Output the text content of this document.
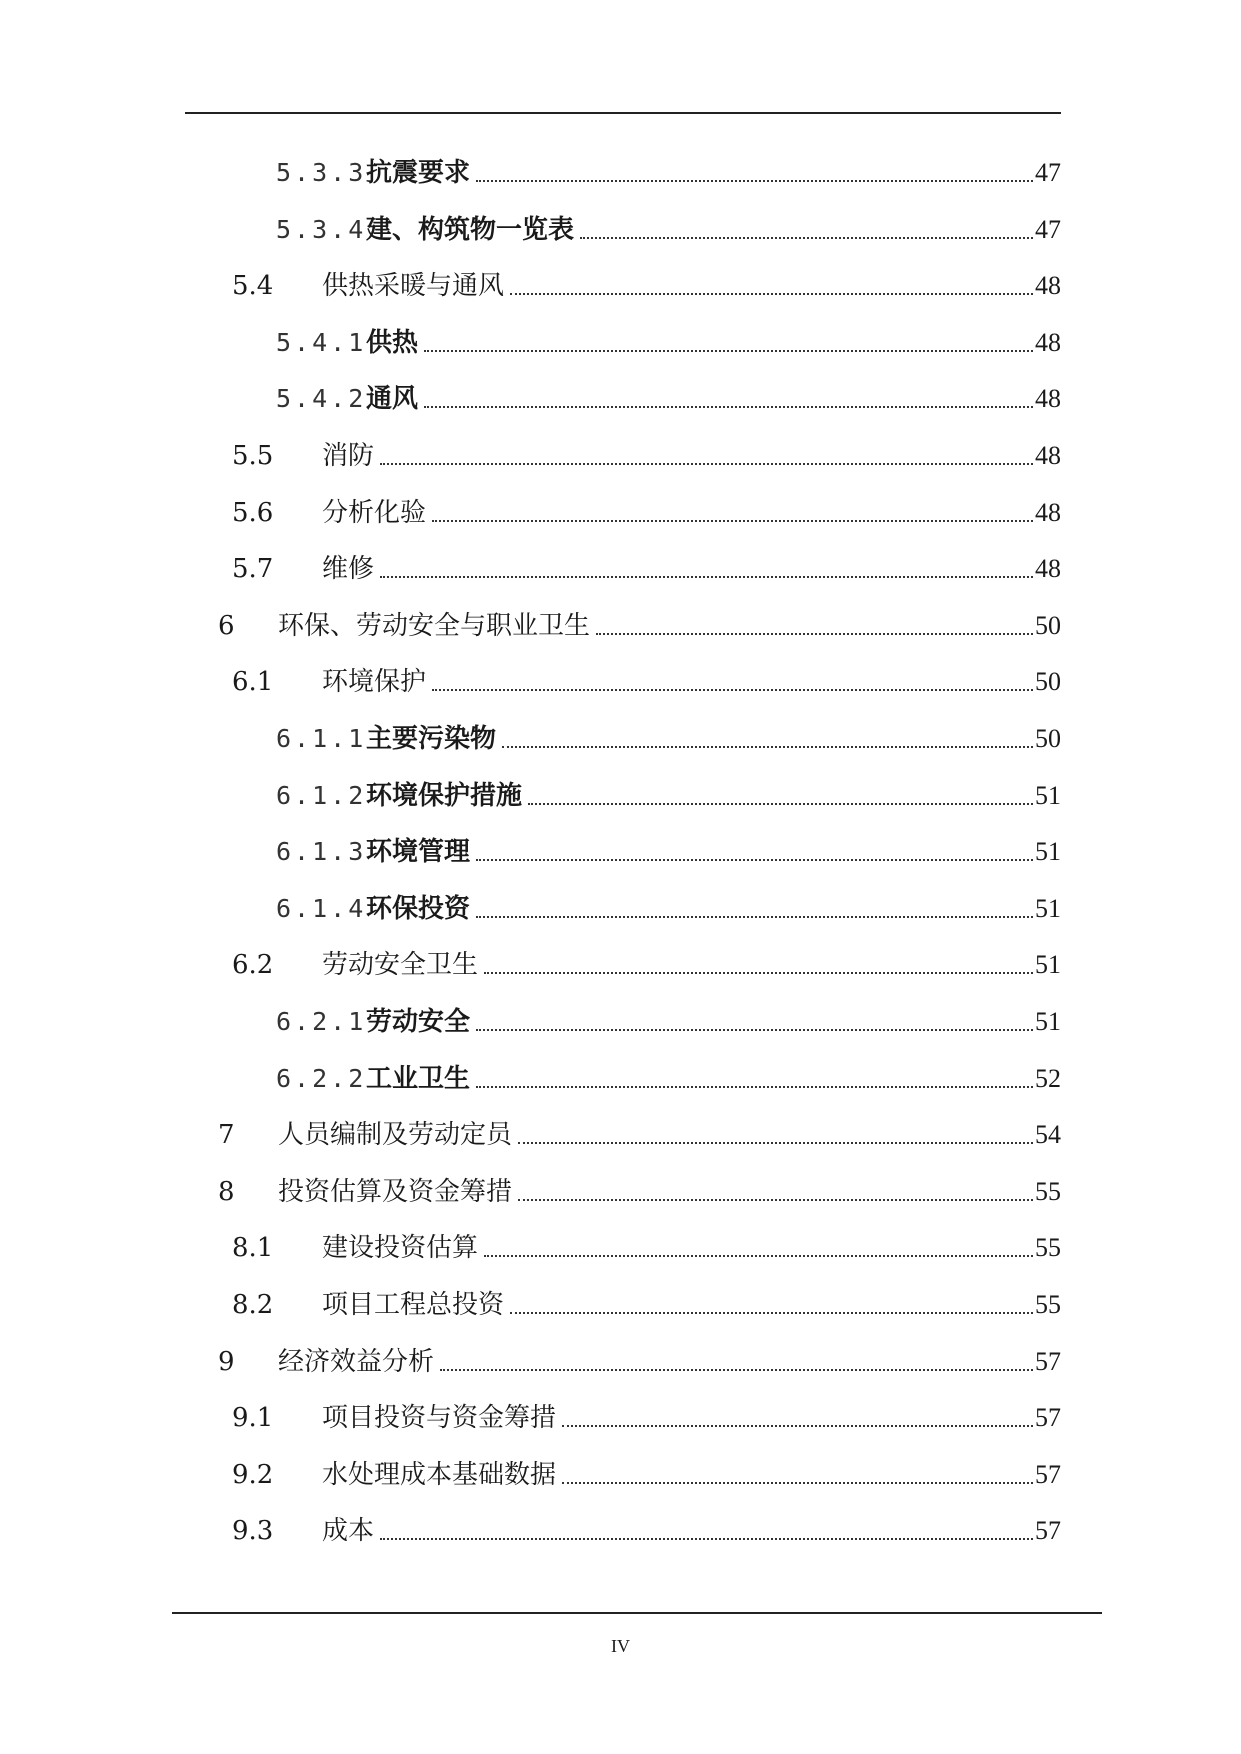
5.3.3 抗震要求	47
5.3.4 建、构筑物一览表	47
5.4	供热采暖与通风	48
5.4.1 供热	48
5.4.2 通风	48
5.5	消防	48
5.6	分析化验	48
5.7	维修	48
6	环保、劳动安全与职业卫生	50
6.1	环境保护	50
6.1.1 主要污染物	50
6.1.2 环境保护措施	51
6.1.3 环境管理	51
6.1.4 环保投资	51
6.2	劳动安全卫生	51
6.2.1 劳动安全	51
6.2.2 工业卫生	52
7	人员编制及劳动定员	54
8	投资估算及资金筹措	55
8.1	建设投资估算	55
8.2	项目工程总投资	55
9	经济效益分析	57
9.1	项目投资与资金筹措	57
9.2	水处理成本基础数据	57
9.3	成本	57
IV
